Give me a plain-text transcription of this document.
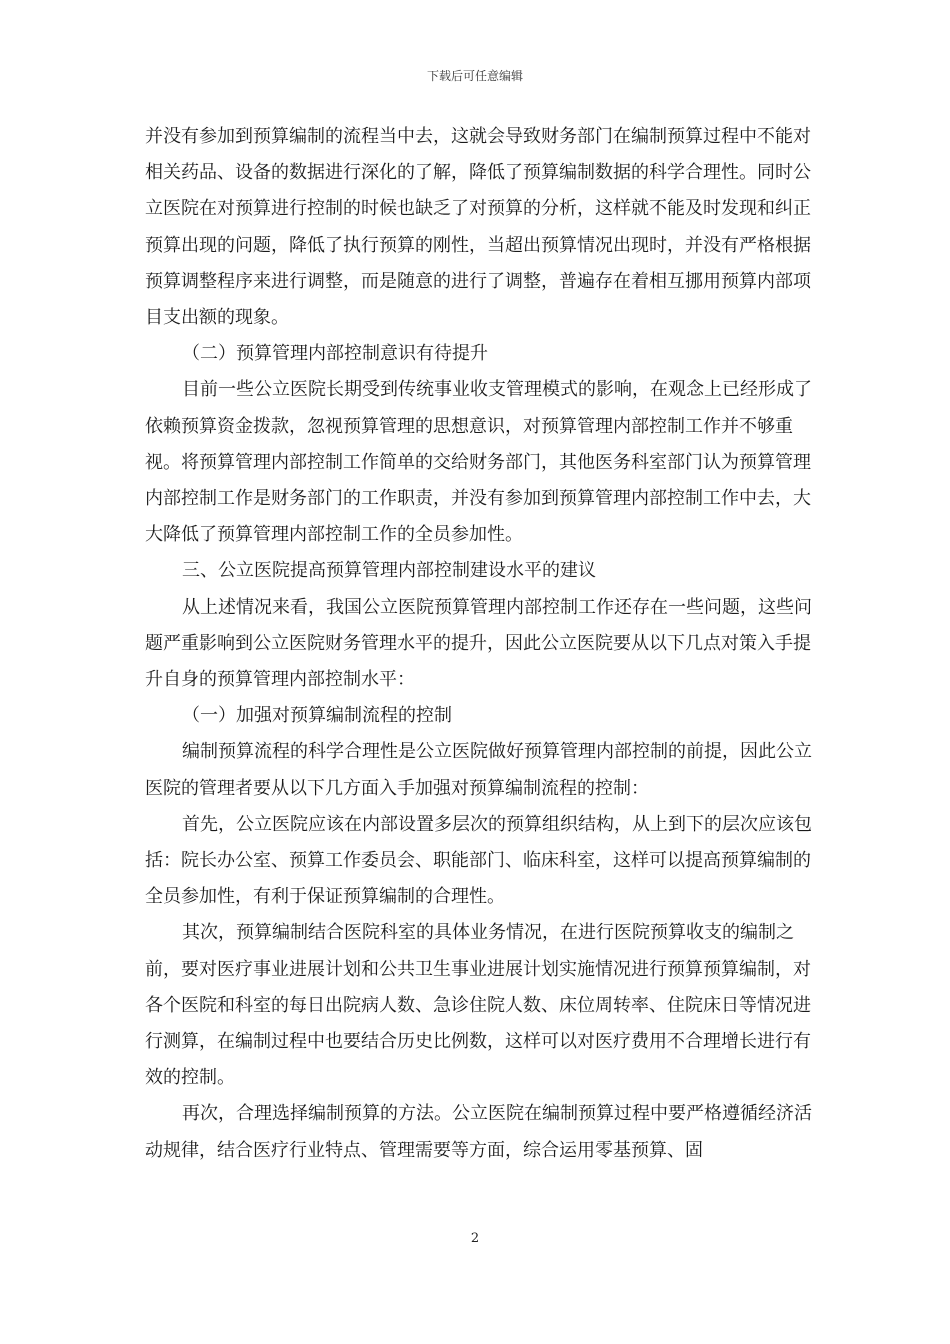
下载后可任意编辑

并没有参加到预算编制的流程当中去，这就会导致财务部门在编制预算过程中不能对相关药品、设备的数据进行深化的了解，降低了预算编制数据的科学合理性。同时公立医院在对预算进行控制的时候也缺乏了对预算的分析，这样就不能及时发现和纠正预算出现的问题，降低了执行预算的刚性，当超出预算情况出现时，并没有严格根据预算调整程序来进行调整，而是随意的进行了调整，普遍存在着相互挪用预算内部项目支出额的现象。

（二）预算管理内部控制意识有待提升

目前一些公立医院长期受到传统事业收支管理模式的影响，在观念上已经形成了依赖预算资金拨款，忽视预算管理的思想意识，对预算管理内部控制工作并不够重视。将预算管理内部控制工作简单的交给财务部门，其他医务科室部门认为预算管理内部控制工作是财务部门的工作职责，并没有参加到预算管理内部控制工作中去，大大降低了预算管理内部控制工作的全员参加性。

三、公立医院提高预算管理内部控制建设水平的建议

从上述情况来看，我国公立医院预算管理内部控制工作还存在一些问题，这些问题严重影响到公立医院财务管理水平的提升，因此公立医院要从以下几点对策入手提升自身的预算管理内部控制水平：

（一）加强对预算编制流程的控制

编制预算流程的科学合理性是公立医院做好预算管理内部控制的前提，因此公立医院的管理者要从以下几方面入手加强对预算编制流程的控制：

首先，公立医院应该在内部设置多层次的预算组织结构，从上到下的层次应该包括：院长办公室、预算工作委员会、职能部门、临床科室，这样可以提高预算编制的全员参加性，有利于保证预算编制的合理性。

其次，预算编制结合医院科室的具体业务情况，在进行医院预算收支的编制之前，要对医疗事业进展计划和公共卫生事业进展计划实施情况进行预算预算编制，对各个医院和科室的每日出院病人数、急诊住院人数、床位周转率、住院床日等情况进行测算，在编制过程中也要结合历史比例数，这样可以对医疗费用不合理增长进行有效的控制。

再次，合理选择编制预算的方法。公立医院在编制预算过程中要严格遵循经济活动规律，结合医疗行业特点、管理需要等方面，综合运用零基预算、固

2
